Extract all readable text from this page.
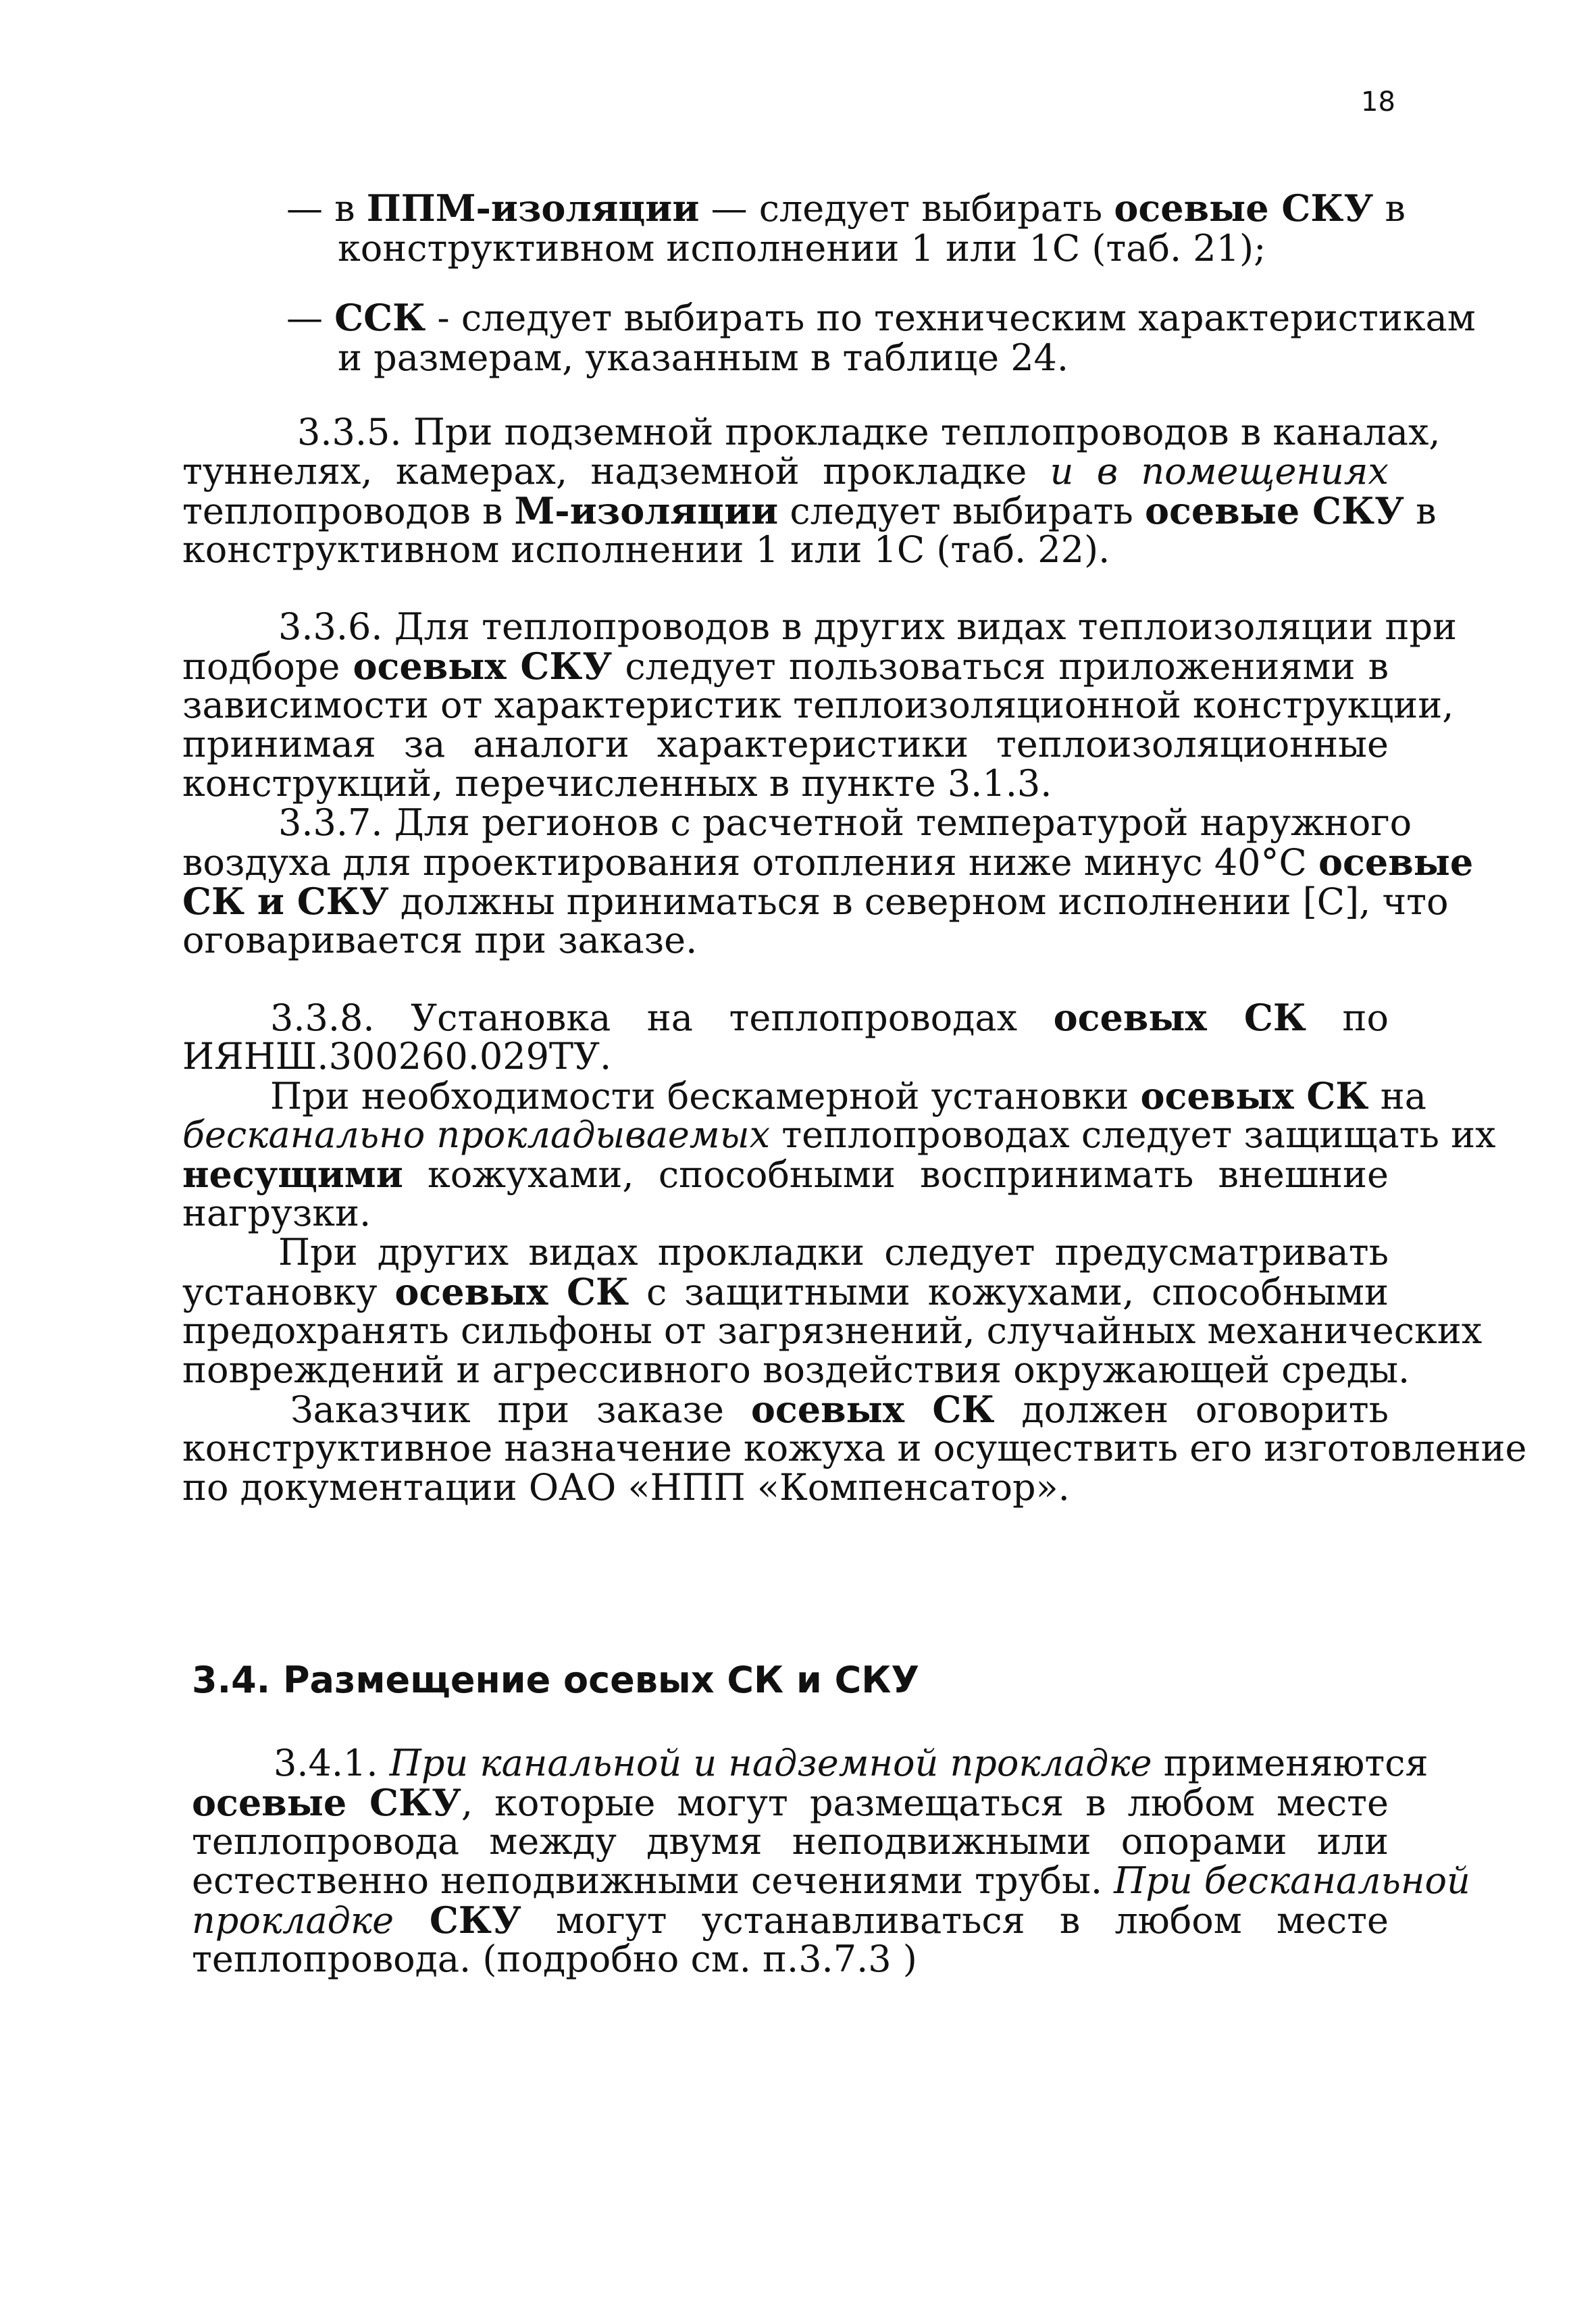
18
— в ППМ-изоляции — следует выбирать осевые СКУ в
конструктивном исполнении 1 или 1С (таб. 21);
— ССК - следует выбирать по техническим характеристикам
и размерам, указанным в таблице 24.
3.3.5. При подземной прокладке теплопроводов в каналах,
туннелях, камерах, надземной прокладке и в помещениях
теплопроводов в М-изоляции следует выбирать осевые СКУ в
конструктивном исполнении 1 или 1С (таб. 22).
3.3.6. Для теплопроводов в других видах теплоизоляции при
подборе осевых СКУ следует пользоваться приложениями в
зависимости от характеристик теплоизоляционной конструкции,
принимая за аналоги характеристики теплоизоляционные
конструкций, перечисленных в пункте 3.1.3.
3.3.7. Для регионов с расчетной температурой наружного
воздуха для проектирования отопления ниже минус 40°С осевые
СК и СКУ должны приниматься в северном исполнении [С], что
оговаривается при заказе.
3.3.8. Установка на теплопроводах осевых СК по
ИЯНШ.300260.029ТУ.
При необходимости бескамерной установки осевых СК на
бесканально прокладываемых теплопроводах следует защищать их
несущими кожухами, способными воспринимать внешние
нагрузки.
При других видах прокладки следует предусматривать
установку осевых СК с защитными кожухами, способными
предохранять сильфоны от загрязнений, случайных механических
повреждений и агрессивного воздействия окружающей среды.
Заказчик при заказе осевых СК должен оговорить
конструктивное назначение кожуха и осуществить его изготовление
по документации ОАО «НПП «Компенсатор».
3.4. Размещение осевых СК и СКУ
3.4.1. При канальной и надземной прокладке применяются
осевые СКУ, которые могут размещаться в любом месте
теплопровода между двумя неподвижными опорами или
естественно неподвижными сечениями трубы. При бесканальной
прокладке СКУ могут устанавливаться в любом месте
теплопровода. (подробно см. п.3.7.3 )
